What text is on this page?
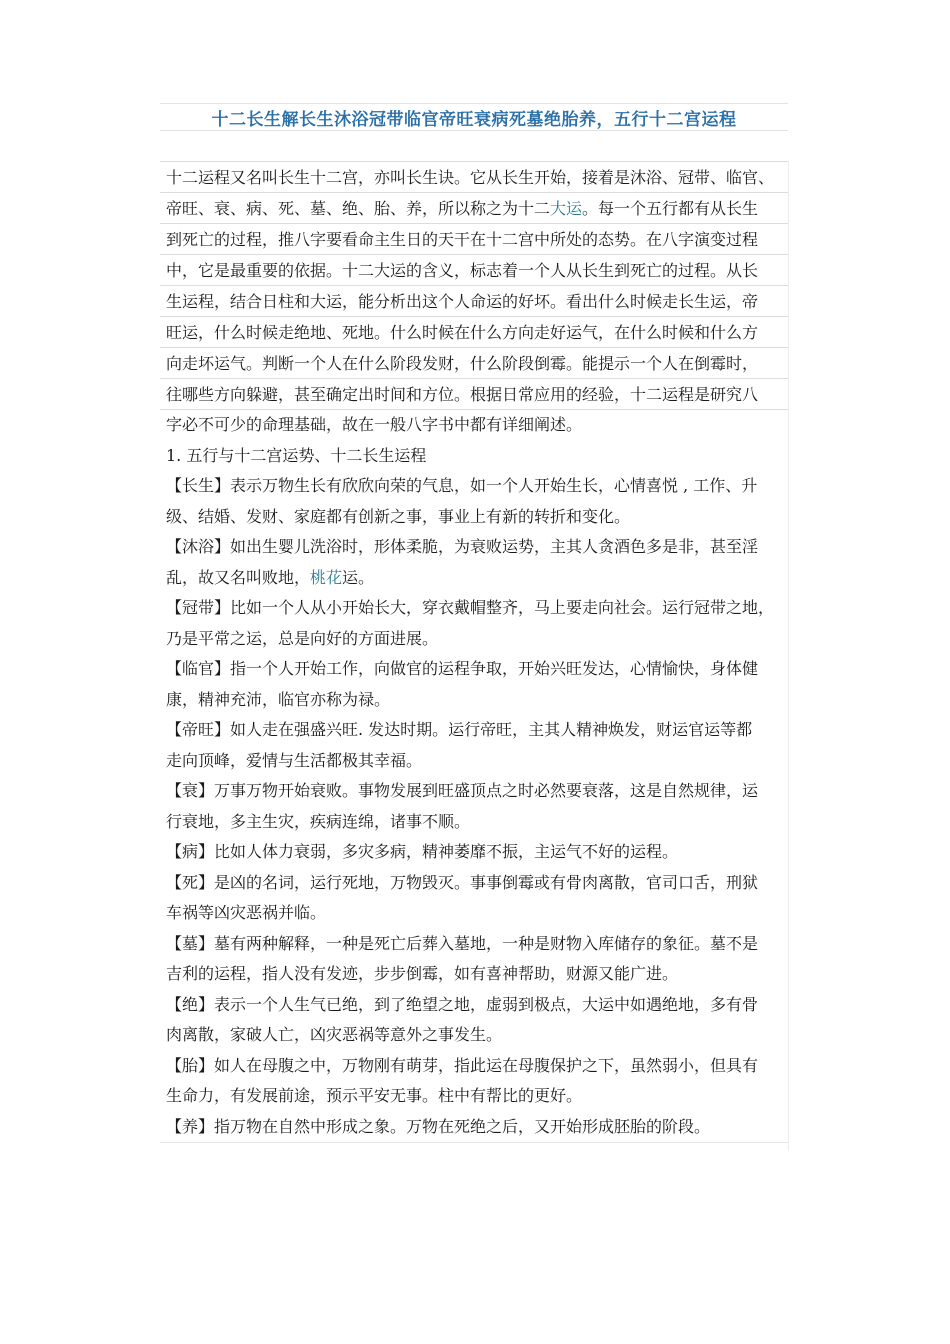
十二长生解长生沐浴冠带临官帝旺衰病死墓绝胎养，五行十二宫运程
十二运程又名叫长生十二宫，亦叫长生诀。它从长生开始，接着是沐浴、冠带、临官、
帝旺、衰、病、死、墓、绝、胎、养，所以称之为十二大运。每一个五行都有从长生
到死亡的过程，推八字要看命主生日的天干在十二宫中所处的态势。在八字演变过程
中，它是最重要的依据。十二大运的含义，标志着一个人从长生到死亡的过程。从长
生运程，结合日柱和大运，能分析出这个人命运的好坏。看出什么时候走长生运，帝
旺运，什么时候走绝地、死地。什么时候在什么方向走好运气，在什么时候和什么方
向走坏运气。判断一个人在什么阶段发财，什么阶段倒霉。能提示一个人在倒霉时，
往哪些方向躲避，甚至确定出时间和方位。根据日常应用的经验，十二运程是研究八
字必不可少的命理基础，故在一般八字书中都有详细阐述。
1. 五行与十二宫运势、十二长生运程
【长生】表示万物生长有欣欣向荣的气息，如一个人开始生长，心情喜悦 , 工作、升
级、结婚、发财、家庭都有创新之事，事业上有新的转折和变化。
【沐浴】如出生婴儿洗浴时，形体柔脆，为衰败运势，主其人贪酒色多是非，甚至淫
乱，故又名叫败地，桃花运。
【冠带】比如一个人从小开始长大，穿衣戴帽整齐，马上要走向社会。运行冠带之地，
乃是平常之运，总是向好的方面进展。
【临官】指一个人开始工作，向做官的运程争取，开始兴旺发达，心情愉快，身体健
康，精神充沛，临官亦称为禄。
【帝旺】如人走在强盛兴旺. 发达时期。运行帝旺，主其人精神焕发，财运官运等都
走向顶峰，爱情与生活都极其幸福。
【衰】万事万物开始衰败。事物发展到旺盛顶点之时必然要衰落，这是自然规律，运
行衰地，多主生灾，疾病连绵，诸事不顺。
【病】比如人体力衰弱，多灾多病，精神萎靡不振，主运气不好的运程。
【死】是凶的名词，运行死地，万物毁灭。事事倒霉或有骨肉离散，官司口舌，刑狱
车祸等凶灾恶祸并临。
【墓】墓有两种解释，一种是死亡后葬入墓地，一种是财物入库储存的象征。墓不是
吉利的运程，指人没有发迹，步步倒霉，如有喜神帮助，财源又能广进。
【绝】表示一个人生气已绝，到了绝望之地，虚弱到极点，大运中如遇绝地，多有骨
肉离散，家破人亡，凶灾恶祸等意外之事发生。
【胎】如人在母腹之中，万物刚有萌芽，指此运在母腹保护之下，虽然弱小，但具有
生命力，有发展前途，预示平安无事。柱中有帮比的更好。
【养】指万物在自然中形成之象。万物在死绝之后，又开始形成胚胎的阶段。
